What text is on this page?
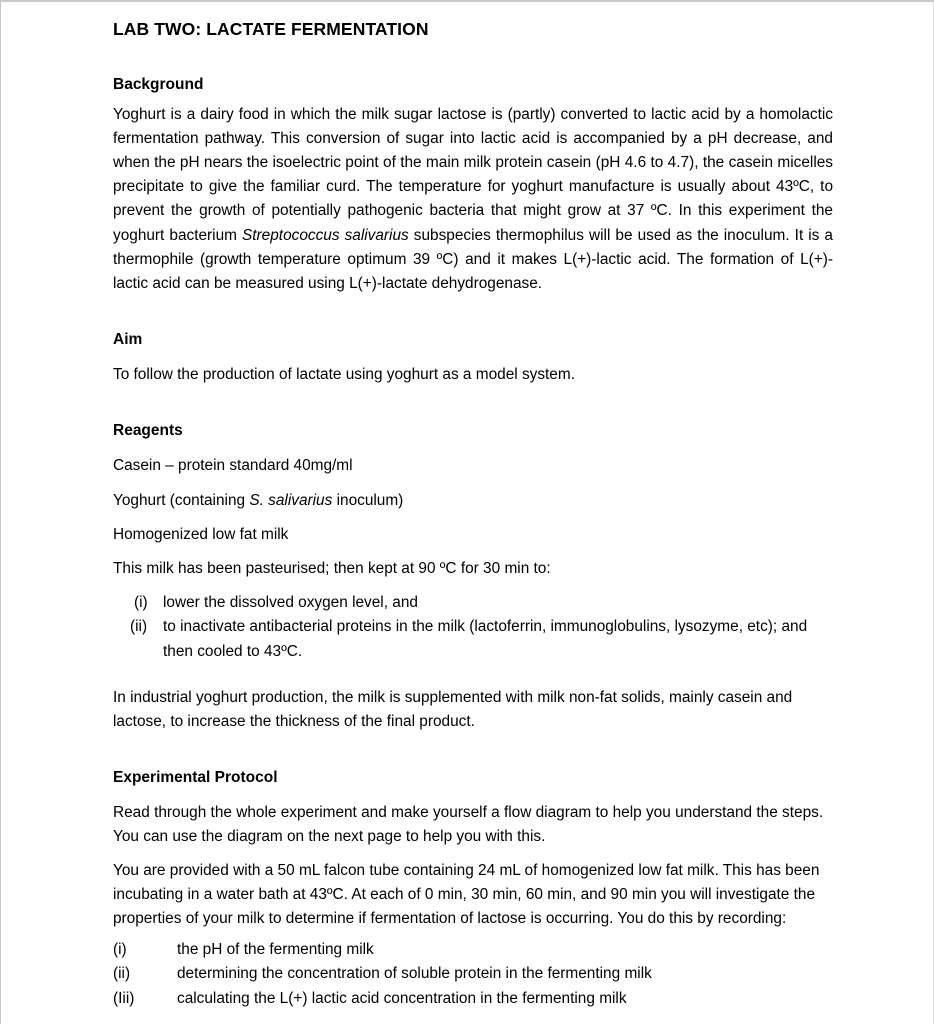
LAB TWO: LACTATE FERMENTATION
Background

Yoghurt is a dairy food in which the milk sugar lactose is (partly) converted to lactic acid by a homolactic fermentation pathway. This conversion of sugar into lactic acid is accompanied by a pH decrease, and when the pH nears the isoelectric point of the main milk protein casein (pH 4.6 to 4.7), the casein micelles precipitate to give the familiar curd. The temperature for yoghurt manufacture is usually about 43ºC, to prevent the growth of potentially pathogenic bacteria that might grow at 37 ºC. In this experiment the yoghurt bacterium Streptococcus salivarius subspecies thermophilus will be used as the inoculum. It is a thermophile (growth temperature optimum 39 ºC) and it makes L(+)-lactic acid. The formation of L(+)-lactic acid can be measured using L(+)-lactate dehydrogenase.

Aim

To follow the production of lactate using yoghurt as a model system.

Reagents

Casein – protein standard 40mg/ml

Yoghurt (containing S. salivarius inoculum)

Homogenized low fat milk

This milk has been pasteurised; then kept at 90 ºC for 30 min to:

(i) lower the dissolved oxygen level, and
(ii)	to inactivate antibacterial proteins in the milk (lactoferrin, immunoglobulins, lysozyme, etc); and then cooled to 43ºC.

In industrial yoghurt production, the milk is supplemented with milk non-fat solids, mainly casein and lactose, to increase the thickness of the final product.

Experimental Protocol

Read through the whole experiment and make yourself a flow diagram to help you understand the steps. You can use the diagram on the next page to help you with this.

You are provided with a 50 mL falcon tube containing 24 mL of homogenized low fat milk. This has been incubating in a water bath at 43ºC. At each of 0 min, 30 min, 60 min, and 90 min you will investigate the properties of your milk to determine if fermentation of lactose is occurring. You do this by recording:

(i)	the pH of the fermenting milk
(ii)	determining the concentration of soluble protein in the fermenting milk
(Iii)	calculating the L(+) lactic acid concentration in the fermenting milk
